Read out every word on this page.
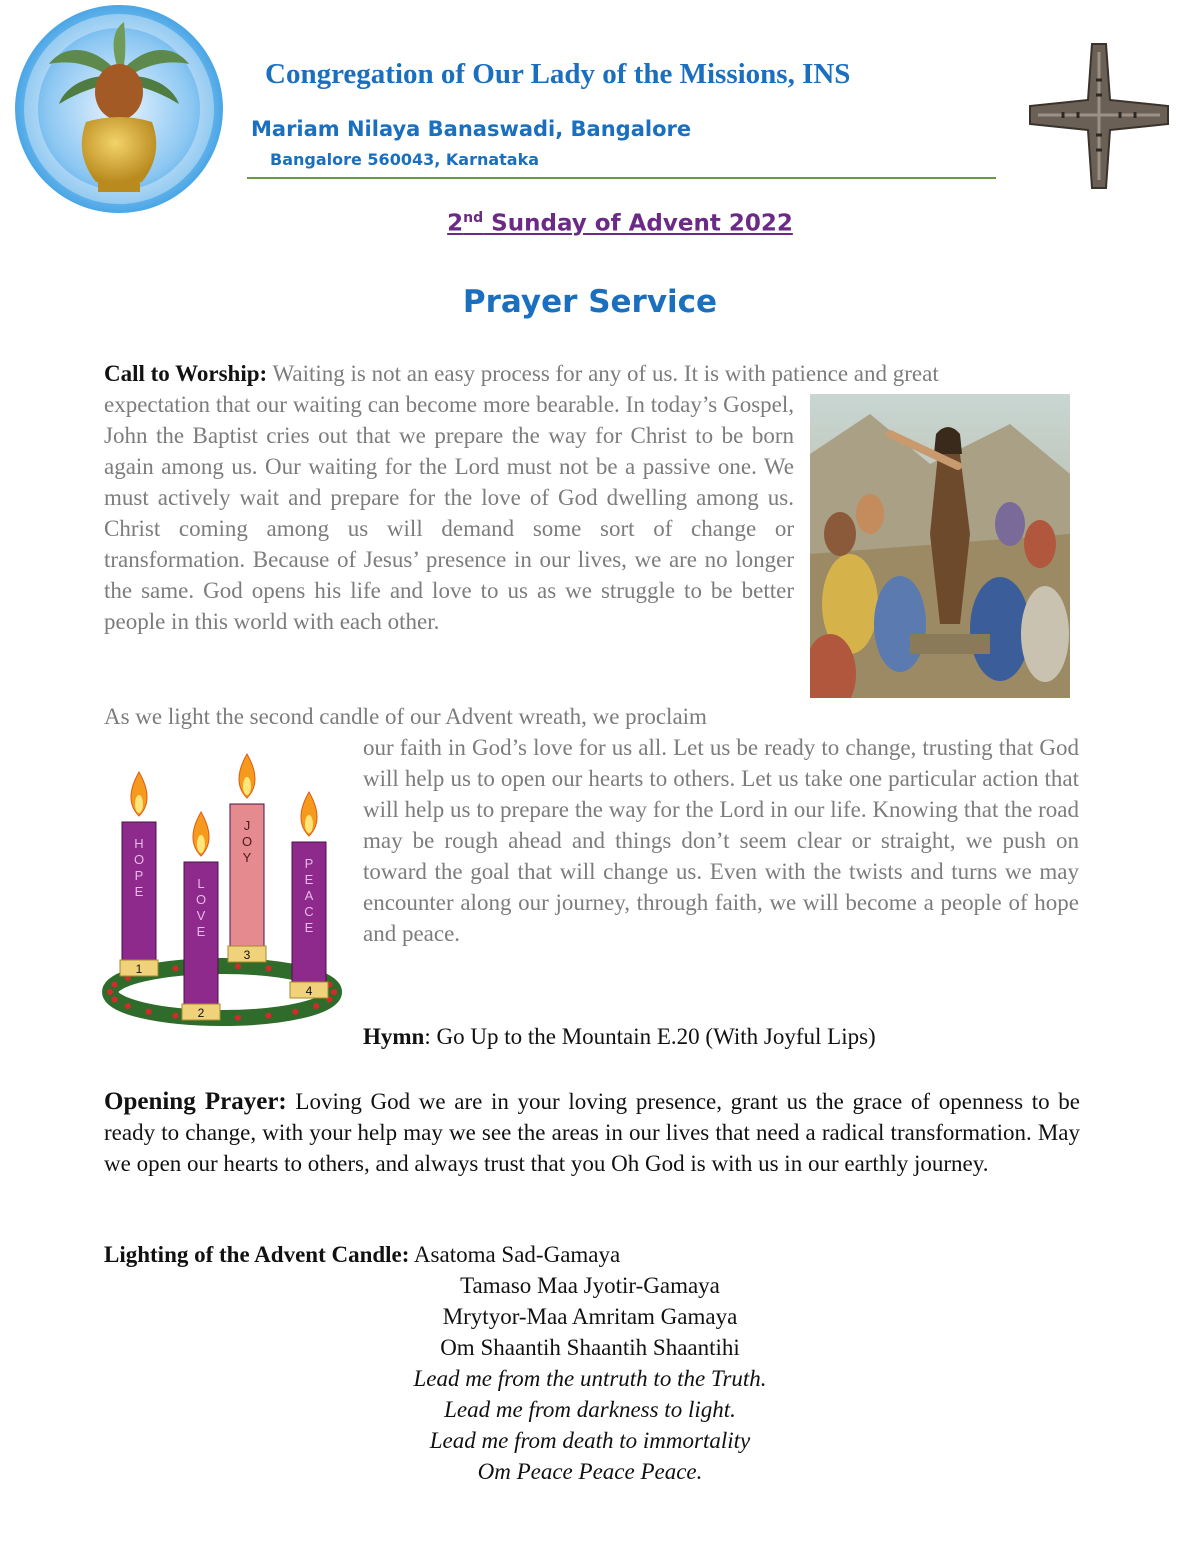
Congregation of Our Lady of the Missions, INS
Mariam Nilaya Banaswadi, Bangalore
Bangalore 560043, Karnataka
2nd Sunday of Advent 2022
Prayer Service
Call to Worship: Waiting is not an easy process for any of us. It is with patience and great
expectation that our waiting can become more bearable. In today’s Gospel, John the Baptist cries out that we prepare the way for Christ to be born again among us. Our waiting for the Lord must not be a passive one. We must actively wait and prepare for the love of God dwelling among us. Christ coming among us will demand some sort of change or transformation. Because of Jesus’ presence in our lives, we are no longer the same. God opens his life and love to us as we struggle to be better people in this world with each other.
As we light the second candle of our Advent wreath, we proclaim
our faith in God’s love for us all. Let us be ready to change, trusting that God will help us to open our hearts to others. Let us take one particular action that will help us to prepare the way for the Lord in our life. Knowing that the road may be rough ahead and things don’t seem clear or straight, we push on toward the goal that will change us. Even with the twists and turns we may encounter along our journey, through faith, we will become a people of hope and peace.
1
H
O
P
E
2
L
O
V
E
3
J
O
Y
4
P
E
A
C
E
Hymn: Go Up to the Mountain E.20 (With Joyful Lips)
Opening Prayer: Loving God we are in your loving presence, grant us the grace of openness to be ready to change, with your help may we see the areas in our lives that need a radical transformation. May we open our hearts to others, and always trust that you Oh God is with us in our earthly journey.
Lighting of the Advent Candle: Asatoma Sad-Gamaya
Tamaso Maa Jyotir-Gamaya
Mrytyor-Maa Amritam Gamaya
Om Shaantih Shaantih Shaantihi
Lead me from the untruth to the Truth.
Lead me from darkness to light.
Lead me from death to immortality
Om Peace Peace Peace.
